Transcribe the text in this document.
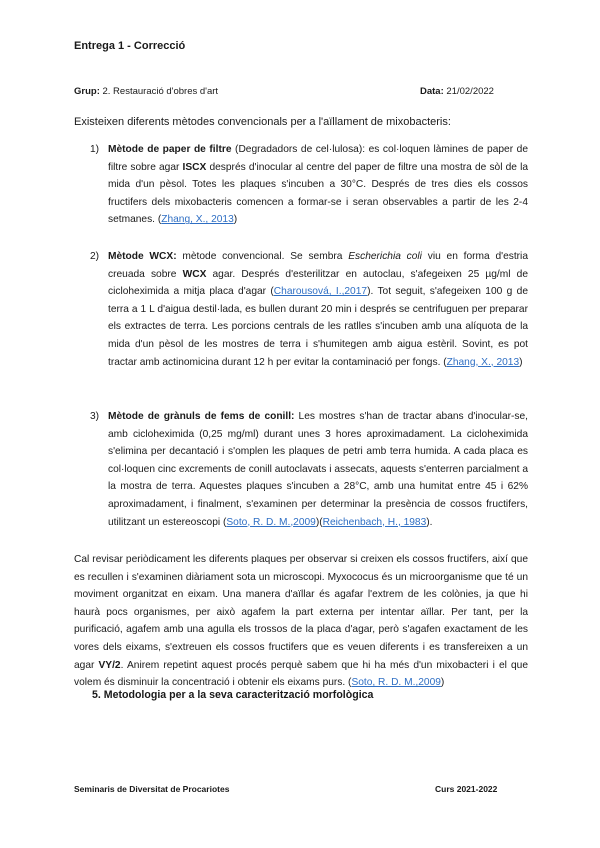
Entrega 1 - Correcció
Grup: 2. Restauració d'obres d'art	Data: 21/02/2022
Existeixen diferents mètodes convencionals per a l'aïllament de mixobacteris:
1) Mètode de paper de filtre (Degradadors de cel·lulosa): es col·loquen làmines de paper de filtre sobre agar ISCX després d'inocular al centre del paper de filtre una mostra de sòl de la mida d'un pèsol. Totes les plaques s'incuben a 30°C. Després de tres dies els cossos fructifers dels mixobacteris comencen a formar-se i seran observables a partir de les 2-4 setmanes. (Zhang, X., 2013)
2) Mètode WCX: mètode convencional. Se sembra Escherichia coli viu en forma d'estria creuada sobre WCX agar. Després d'esterilitzar en autoclau, s'afegeixen 25 µg/ml de cicloheximida a mitja placa d'agar (Charousová, I.,2017). Tot seguit, s'afegeixen 100 g de terra a 1 L d'aigua destil·lada, es bullen durant 20 min i després se centrifuguen per preparar els extractes de terra. Les porcions centrals de les ratlles s'incuben amb una alíquota de la mida d'un pèsol de les mostres de terra i s'humitegen amb aigua estèril. Sovint, es pot tractar amb actinomicina durant 12 h per evitar la contaminació per fongs. (Zhang, X., 2013)
3) Mètode de grànuls de fems de conill: Les mostres s'han de tractar abans d'inocular-se, amb cicloheximida (0,25 mg/ml) durant unes 3 hores aproximadament. La cicloheximida s'elimina per decantació i s'omplen les plaques de petri amb terra humida. A cada placa es col·loquen cinc excrements de conill autoclavats i assecats, aquests s'enterren parcialment a la mostra de terra. Aquestes plaques s'incuben a 28°C, amb una humitat entre 45 i 62% aproximadament, i finalment, s'examinen per determinar la presència de cossos fructifers, utilitzant un estereoscopi (Soto, R. D. M.,2009)(Reichenbach, H., 1983).
Cal revisar periòdicament les diferents plaques per observar si creixen els cossos fructifers, així que es recullen i s'examinen diàriament sota un microscopi. Myxococus és un microorganisme que té un moviment organitzat en eixam. Una manera d'aïllar és agafar l'extrem de les colònies, ja que hi haurà pocs organismes, per això agafem la part externa per intentar aïllar. Per tant, per la purificació, agafem amb una agulla els trossos de la placa d'agar, però s'agafen exactament de les vores dels eixams, s'extreuen els cossos fructifers que es veuen diferents i es transfereixen a un agar VY/2. Anirem repetint aquest procés perquè sabem que hi ha més d'un mixobacteri i el que volem és disminuir la concentració i obtenir els eixams purs. (Soto, R. D. M.,2009)
5. Metodologia per a la seva caracterització morfològica
Seminaris de Diversitat de Procariotes	Curs 2021-2022
